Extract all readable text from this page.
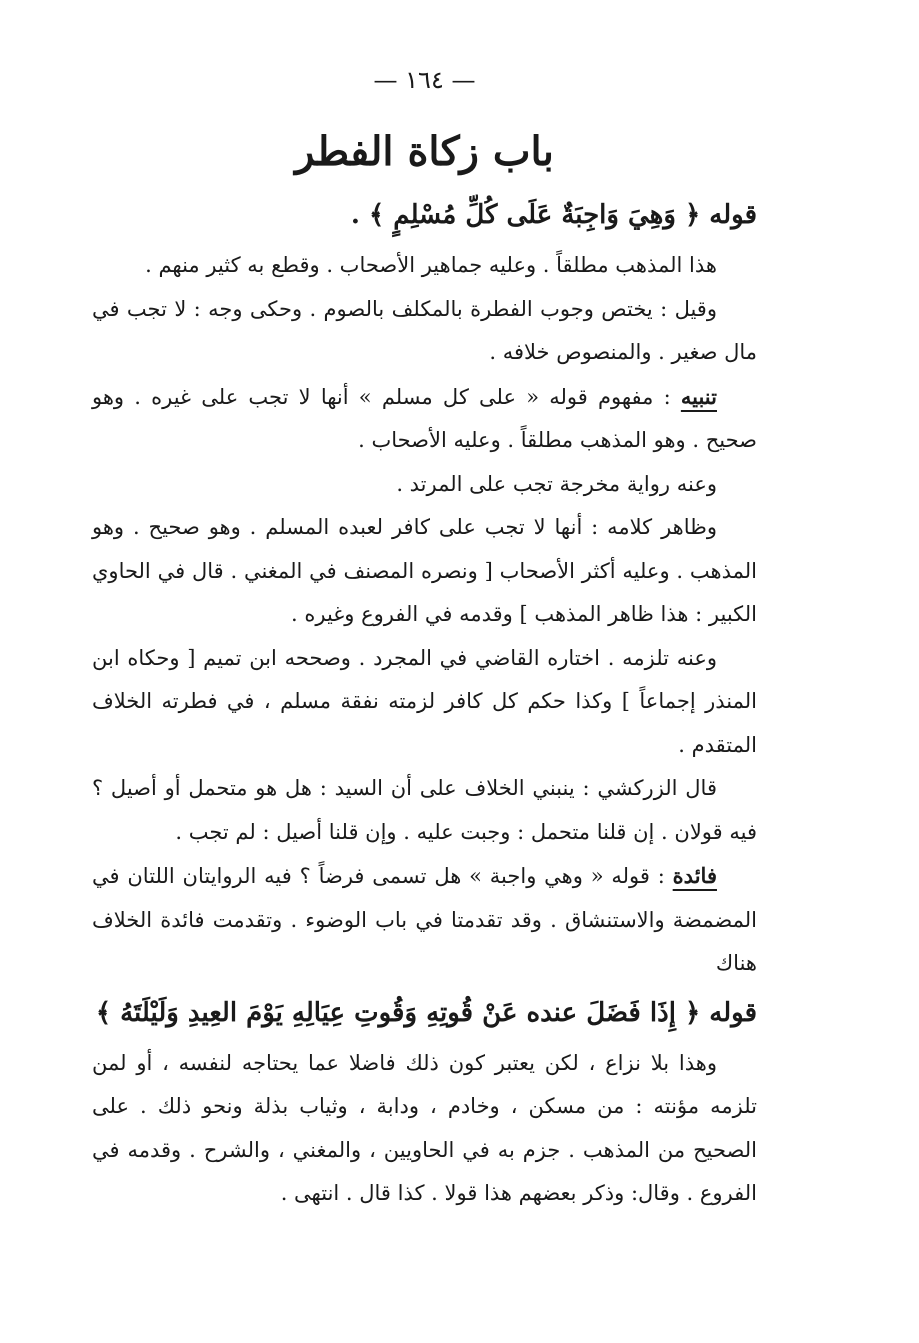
— ١٦٤ —
باب زكاة الفطر

قوله ﴿ وَهِيَ وَاجِبَةٌ عَلَى كُلِّ مُسْلِمٍ ﴾ .

هذا المذهب مطلقاً . وعليه جماهير الأصحاب . وقطع به كثير منهم .

وقيل : يختص وجوب الفطرة بالمكلف بالصوم . وحكى وجه : لا تجب في مال صغير . والمنصوص خلافه .

تنبيه : مفهوم قوله « على كل مسلم » أنها لا تجب على غيره . وهو صحيح . وهو المذهب مطلقاً . وعليه الأصحاب .

وعنه رواية مخرجة تجب على المرتد .

وظاهر كلامه : أنها لا تجب على كافر لعبده المسلم . وهو صحيح . وهو المذهب . وعليه أكثر الأصحاب [ ونصره المصنف في المغني . قال في الحاوي الكبير : هذا ظاهر المذهب ] وقدمه في الفروع وغيره .

وعنه تلزمه . اختاره القاضي في المجرد . وصححه ابن تميم [ وحكاه ابن المنذر إجماعاً ] وكذا حكم كل كافر لزمته نفقة مسلم ، في فطرته الخلاف المتقدم .

قال الزركشي : ينبني الخلاف على أن السيد : هل هو متحمل أو أصيل ؟ فيه قولان . إن قلنا متحمل : وجبت عليه . وإن قلنا أصيل : لم تجب .

فائدة : قوله « وهي واجبة » هل تسمى فرضاً ؟ فيه الروايتان اللتان في المضمضة والاستنشاق . وقد تقدمتا في باب الوضوء . وتقدمت فائدة الخلاف هناك

قوله ﴿ إِذَا فَضَلَ عنده عَنْ قُوتِهِ وَقُوتِ عِيَالِهِ يَوْمَ العِيدِ وَلَيْلَتَهُ ﴾

وهذا بلا نزاع ، لكن يعتبر كون ذلك فاضلا عما يحتاجه لنفسه ، أو لمن تلزمه مؤنته : من مسكن ، وخادم ، ودابة ، وثياب بذلة ونحو ذلك . على الصحيح من المذهب . جزم به في الحاويين ، والمغني ، والشرح . وقدمه في الفروع . وقال: وذكر بعضهم هذا قولا . كذا قال . انتهى .
